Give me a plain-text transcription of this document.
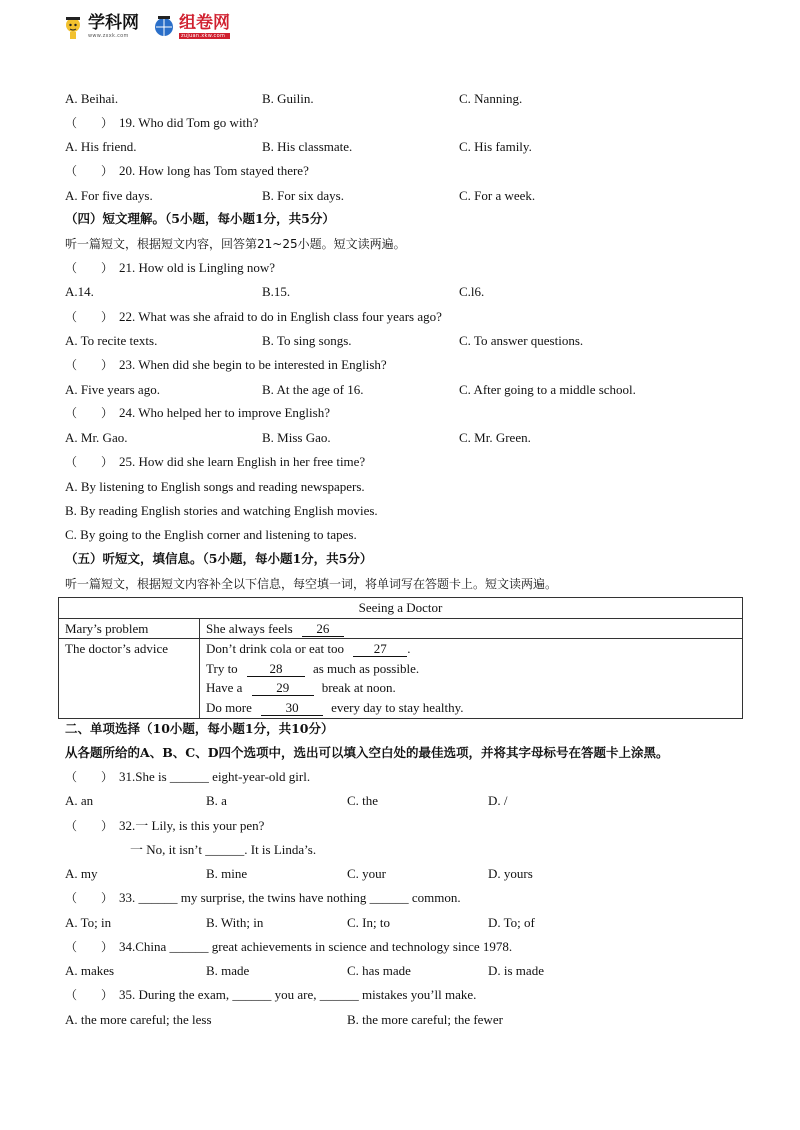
学科网
www.zxxk.com
组卷网
zujuan.xkw.com
A. Beihai.	B. Guilin.	C. Nanning.
（　　） 19. Who did Tom go with?
A. His friend.	B. His classmate.	C. His family.
（　　） 20. How long has Tom stayed there?
A. For five days.	B. For six days.	C. For a week.
（四）短文理解。（5小题，每小题1分，共5分）
听一篇短文，根据短文内容，回答第21~25小题。短文读两遍。
（　　） 21. How old is Lingling now?
A.14.	B.15.	C.l6.
（　　） 22. What was she afraid to do in English class four years ago?
A. To recite texts.	B. To sing songs.	C. To answer questions.
（　　） 23. When did she begin to be interested in English?
A. Five years ago.	B. At the age of 16.	C. After going to a middle school.
（　　） 24. Who helped her to improve English?
A. Mr. Gao.	B. Miss Gao.	C. Mr. Green.
（　　） 25. How did she learn English in her free time?
A. By listening to English songs and reading newspapers.
B. By reading English stories and watching English movies.
C. By going to the English corner and listening to tapes.
（五）听短文，填信息。（5小题，每小题1分，共5分）
听一篇短文，根据短文内容补全以下信息，每空填一词，将单词写在答题卡上。短文读两遍。
Seeing a Doctor	
Mary’s problem	She always feels 26
The doctor’s advice	Don’t drink cola or eat too 27 .
Try to 28 as much as possible.
Have a 29 break at noon.
Do more 30 every day to stay healthy.
二、单项选择（10小题，每小题1分，共10分）
从各题所给的A、B、C、D四个选项中，选出可以填入空白处的最佳选项，并将其字母标号在答题卡上涂黑。
（　　） 31.She is ______ eight-year-old girl.
A. an	B. a	C. the	D. /
（　　） 32.一 Lily, is this your pen?
一 No, it isn’t ______. It is Linda’s.
A. my	B. mine	C. your	D. yours
（　　） 33. ______ my surprise, the twins have nothing ______ common.
A. To; in	B. With; in	C. In; to	D. To; of
（　　） 34.China ______ great achievements in science and technology since 1978.
A. makes	B. made	C. has made	D. is made
（　　） 35. During the exam, ______ you are, ______ mistakes you’ll make.
A. the more careful; the less	B. the more careful; the fewer
